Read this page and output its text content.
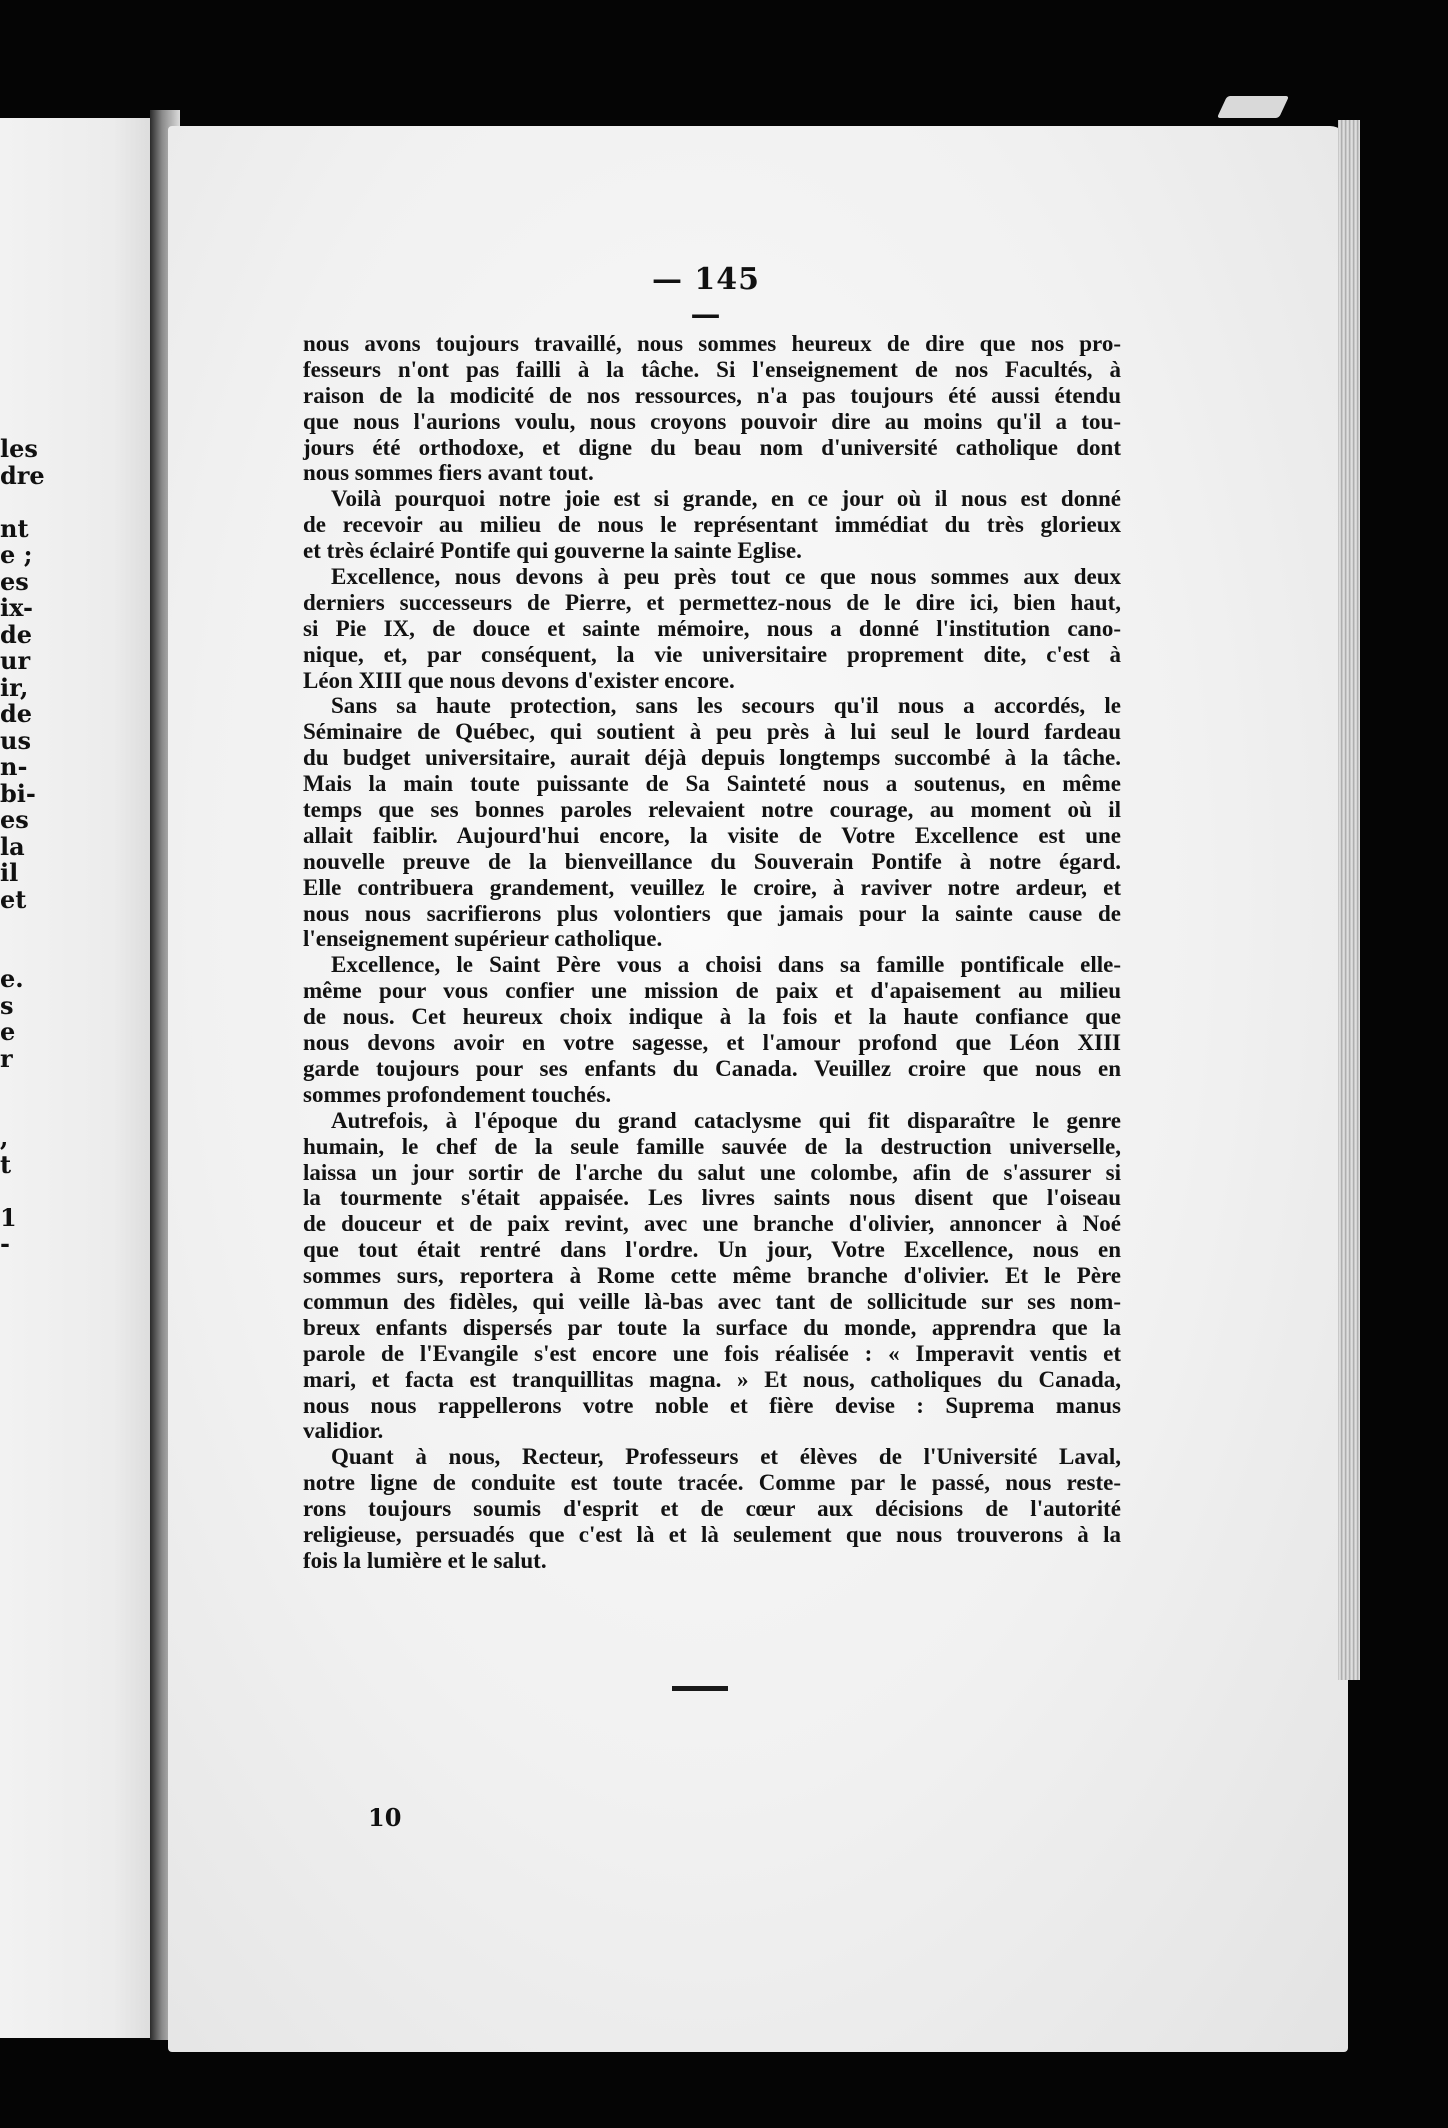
les
dre
nt
e ;
es
ix-
de
ur
ir,
de
us
n-
bi-
es
la
il
et
e.
s
e
r
,
t
1
-
— 145 —
nous avons toujours travaillé, nous sommes heureux de dire que nos pro-
fesseurs n'ont pas failli à la tâche. Si l'enseignement de nos Facultés, à
raison de la modicité de nos ressources, n'a pas toujours été aussi étendu
que nous l'aurions voulu, nous croyons pouvoir dire au moins qu'il a tou-
jours été orthodoxe, et digne du beau nom d'université catholique dont
nous sommes fiers avant tout.
Voilà pourquoi notre joie est si grande, en ce jour où il nous est donné
de recevoir au milieu de nous le représentant immédiat du très glorieux
et très éclairé Pontife qui gouverne la sainte Eglise.
Excellence, nous devons à peu près tout ce que nous sommes aux deux
derniers successeurs de Pierre, et permettez-nous de le dire ici, bien haut,
si Pie IX, de douce et sainte mémoire, nous a donné l'institution cano-
nique, et, par conséquent, la vie universitaire proprement dite, c'est à
Léon XIII que nous devons d'exister encore.
Sans sa haute protection, sans les secours qu'il nous a accordés, le
Séminaire de Québec, qui soutient à peu près à lui seul le lourd fardeau
du budget universitaire, aurait déjà depuis longtemps succombé à la tâche.
Mais la main toute puissante de Sa Sainteté nous a soutenus, en même
temps que ses bonnes paroles relevaient notre courage, au moment où il
allait faiblir. Aujourd'hui encore, la visite de Votre Excellence est une
nouvelle preuve de la bienveillance du Souverain Pontife à notre égard.
Elle contribuera grandement, veuillez le croire, à raviver notre ardeur, et
nous nous sacrifierons plus volontiers que jamais pour la sainte cause de
l'enseignement supérieur catholique.
Excellence, le Saint Père vous a choisi dans sa famille pontificale elle-
même pour vous confier une mission de paix et d'apaisement au milieu
de nous. Cet heureux choix indique à la fois et la haute confiance que
nous devons avoir en votre sagesse, et l'amour profond que Léon XIII
garde toujours pour ses enfants du Canada. Veuillez croire que nous en
sommes profondement touchés.
Autrefois, à l'époque du grand cataclysme qui fit disparaître le genre
humain, le chef de la seule famille sauvée de la destruction universelle,
laissa un jour sortir de l'arche du salut une colombe, afin de s'assurer si
la tourmente s'était appaisée. Les livres saints nous disent que l'oiseau
de douceur et de paix revint, avec une branche d'olivier, annoncer à Noé
que tout était rentré dans l'ordre. Un jour, Votre Excellence, nous en
sommes surs, reportera à Rome cette même branche d'olivier. Et le Père
commun des fidèles, qui veille là-bas avec tant de sollicitude sur ses nom-
breux enfants dispersés par toute la surface du monde, apprendra que la
parole de l'Evangile s'est encore une fois réalisée : « Imperavit ventis et
mari, et facta est tranquillitas magna. » Et nous, catholiques du Canada,
nous nous rappellerons votre noble et fière devise : Suprema manus
validior.
Quant à nous, Recteur, Professeurs et élèves de l'Université Laval,
notre ligne de conduite est toute tracée. Comme par le passé, nous reste-
rons toujours soumis d'esprit et de cœur aux décisions de l'autorité
religieuse, persuadés que c'est là et là seulement que nous trouverons à la
fois la lumière et le salut.
10
